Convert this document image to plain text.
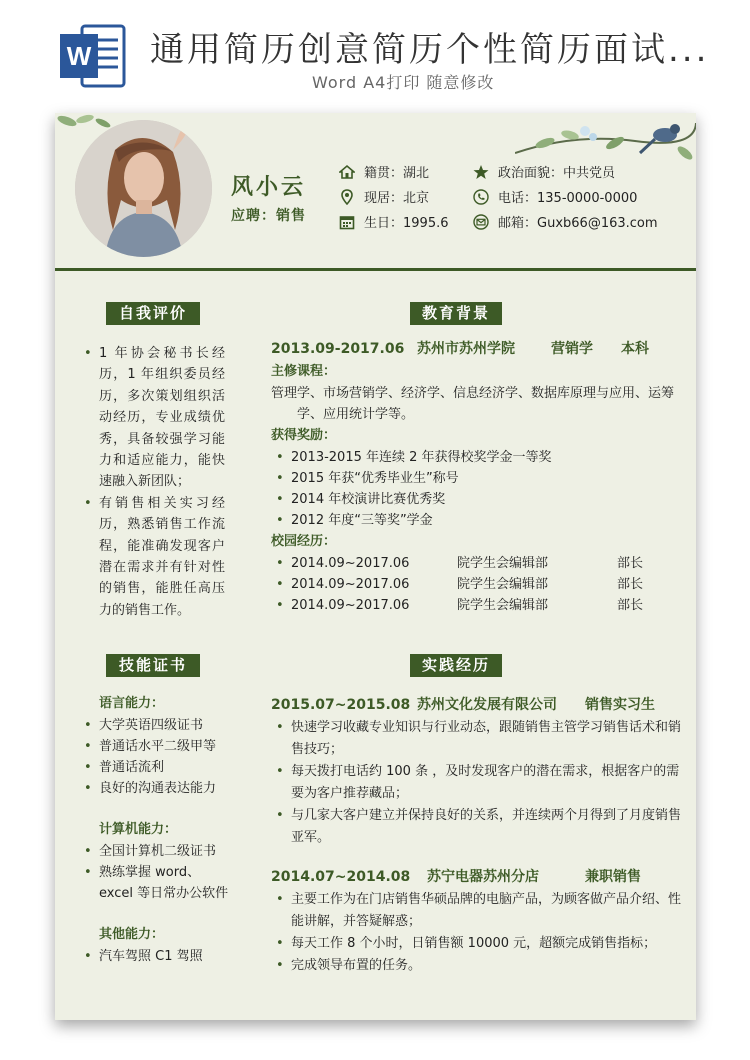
W 通用简历创意简历个性简历面试...
Word A4打印 随意修改
风小云
应聘：销售
籍贯：湖北
现居：北京
生日：1995.6
政治面貌：中共党员
电话：135-0000-0000
邮箱：Guxb66@163.com
自我评价
• 1 年协会秘书长经历，1 年组织委员经历，多次策划组织活动经历，专业成绩优秀，具备较强学习能力和适应能力，能快速融入新团队；
• 有销售相关实习经历，熟悉销售工作流程，能准确发现客户潜在需求并有针对性的销售，能胜任高压力的销售工作。
教育背景
2013.09-2017.06 苏州市苏州学院	营销学	本科
主修课程：
管理学、市场营销学、经济学、信息经济学、数据库原理与应用、运筹学、应用统计学等。
获得奖励：
• 2013-2015 年连续 2 年获得校奖学金一等奖
• 2015 年获“优秀毕业生”称号
• 2014 年校演讲比赛优秀奖
• 2012 年度“三等奖”学金
校园经历：
• 2014.09~2017.06	院学生会编辑部	部长
• 2014.09~2017.06	院学生会编辑部	部长
• 2014.09~2017.06	院学生会编辑部	部长
技能证书
语言能力：
• 大学英语四级证书
• 普通话水平二级甲等
• 普通话流利
• 良好的沟通表达能力
计算机能力：
• 全国计算机二级证书
• 熟练掌握 word、excel 等日常办公软件
其他能力：
• 汽车驾照 C1 驾照
实践经历
2015.07~2015.08 苏州文化发展有限公司	销售实习生
• 快速学习收藏专业知识与行业动态，跟随销售主管学习销售话术和销售技巧；
• 每天拨打电话约 100 条 ，及时发现客户的潜在需求，根据客户的需要为客户推荐藏品；
• 与几家大客户建立并保持良好的关系，并连续两个月得到了月度销售亚军。
2014.07~2014.08	苏宁电器苏州分店	兼职销售
• 主要工作为在门店销售华硕品牌的电脑产品，为顾客做产品介绍、性能讲解，并答疑解惑；
• 每天工作 8 个小时，日销售额 10000 元，超额完成销售指标；
• 完成领导布置的任务。
